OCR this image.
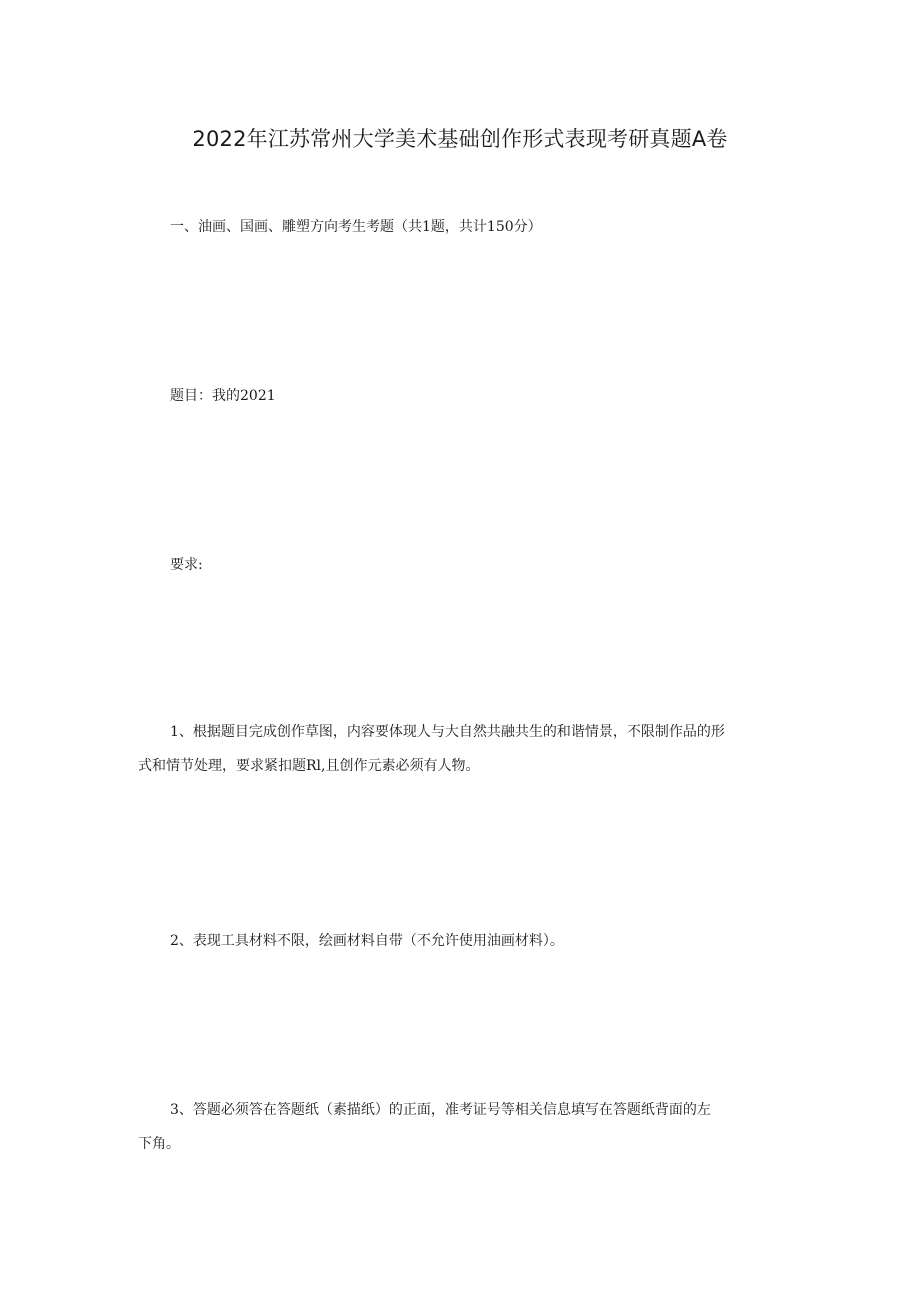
2022年江苏常州大学美术基础创作形式表现考研真题A卷

一、油画、国画、雕塑方向考生考题（共1题，共计150分）

题目：我的2021

要求:

1、根据题目完成创作草图，内容要体现人与大自然共融共生的和谐情景，不限制作品的形
式和情节处理，要求紧扣题Rl,且创作元素必须有人物。
2、表现工具材料不限，绘画材料自带（不允许使用油画材料）。
3、答题必须答在答题纸（素描纸）的正面，准考证号等相关信息填写在答题纸背面的左
下角。
